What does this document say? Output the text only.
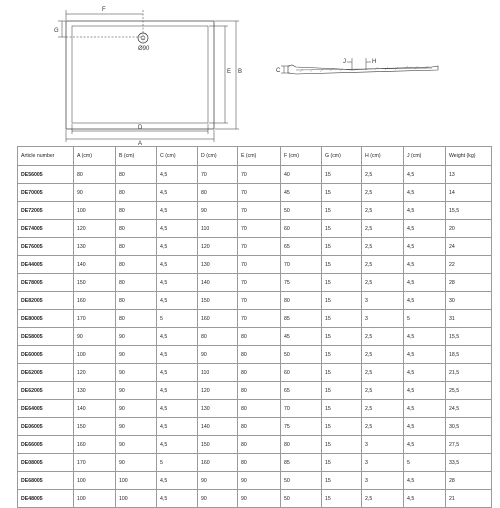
F
G
Ø90
D
A
E B	C
J	H
Article number	A (cm)	B (cm)	C (cm)	D (cm)	E (cm)	F (cm)	G (cm)	H (cm)	J (cm)	Weight (kg)
DE56005	80	80	4,5	70	70	40	15	2,5	4,5	13
DE70005	90	80	4,5	80	70	45	15	2,5	4,5	14
DE72005	100	80	4,5	90	70	50	15	2,5	4,5	15,5
DE74005	120	80	4,5	110	70	60	15	2,5	4,5	20
DE76005	130	80	4,5	120	70	65	15	2,5	4,5	24
DE44005	140	80	4,5	130	70	70	15	2,5	4,5	22
DE78005	150	80	4,5	140	70	75	15	2,5	4,5	28
DE82005	160	80	4,5	150	70	80	15	3	4,5	30
DE80005	170	80	5	160	70	85	15	3	5	31
DE58005	90	90	4,5	80	80	45	15	2,5	4,5	15,5
DE60005	100	90	4,5	90	80	50	15	2,5	4,5	18,5
DE62005	120	90	4,5	110	80	60	15	2,5	4,5	21,5
DE62005	130	90	4,5	120	80	65	15	2,5	4,5	25,5
DE64005	140	90	4,5	130	80	70	15	2,5	4,5	24,5
DE06005	150	90	4,5	140	80	75	15	2,5	4,5	30,5
DE66005	160	90	4,5	150	80	80	15	3	4,5	27,5
DE08005	170	90	5	160	80	85	15	3	5	33,5
DE68005	100	100	4,5	90	90	50	15	3	4,5	28
DE48005	100	100	4,5	90	90	50	15	2,5	4,5	21
